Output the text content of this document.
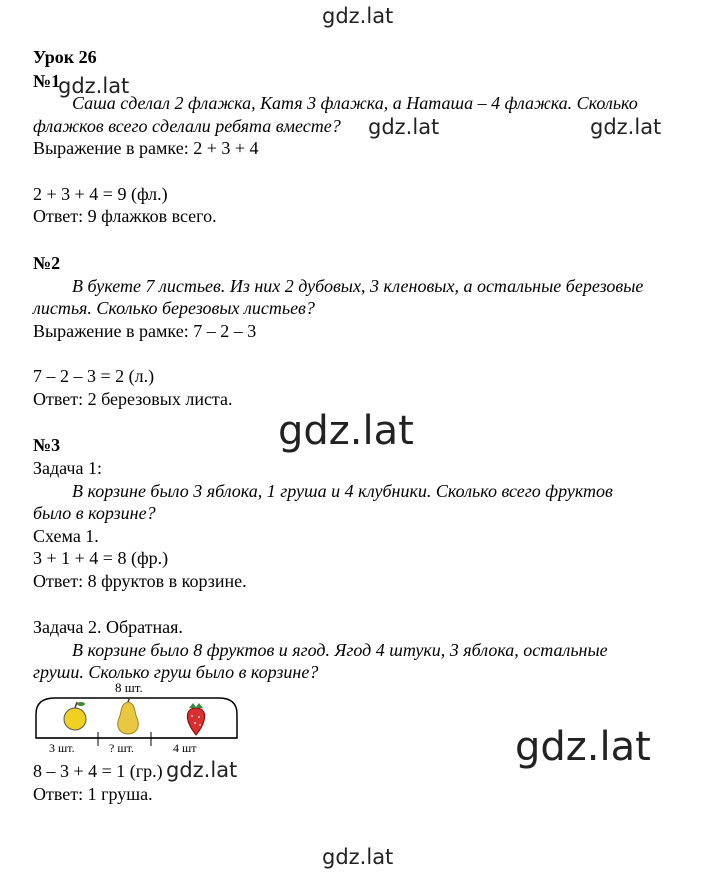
gdz.lat
gdz.lat
gdz.lat	gdz.lat
gdz.lat
gdz.lat
gdz.lat
gdz.lat

Урок 26

№1

Саша сделал 2 флажка, Катя 3 флажка, а Наташа – 4 флажка. Сколько

флажков всего сделали ребята вместе?

Выражение в рамке: 2 + 3 + 4

2 + 3 + 4 = 9 (фл.)

Ответ: 9 флажков всего.

№2

В букете 7 листьев. Из них 2 дубовых, 3 кленовых, а остальные березовые

листья. Сколько березовых листьев?

Выражение в рамке: 7 – 2 – 3

7 – 2 – 3 = 2 (л.)

Ответ: 2 березовых листа.

№3

Задача 1:

В корзине было 3 яблока, 1 груша и 4 клубники. Сколько всего фруктов

было в корзине?

Схема 1.

3 + 1 + 4 = 8 (фр.)

Ответ: 8 фруктов в корзине.

Задача 2. Обратная.

В корзине было 8 фруктов и ягод. Ягод 4 штуки, 3 яблока, остальные

груши. Сколько груш было в корзине?

8 шт.
3 шт.	? шт.	4 шт

8 – 3 + 4 = 1 (гр.)

Ответ: 1 груша.
